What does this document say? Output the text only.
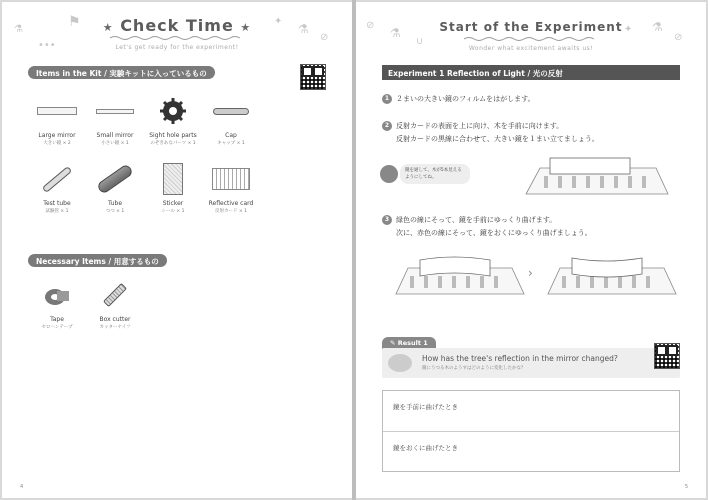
⚗	⚑
•••
✦
⚗
⊘
★ Check Time ★
Let's get ready for the experiment!
Items in the Kit / 実験キットに入っているもの
Large mirror
大きい鏡 × 2
Small mirror
小さい鏡 × 1
Sight hole parts
のぞきあなパーツ × 1
Cap
キャップ × 1
Test tube
試験管 × 1
Tube
つつ × 1
Sticker
シール × 1
Reflective card
反射カード × 1
Necessary Items / 用意するもの
Tape
セロハンテープ
Box cutter
カッターナイフ
4
⊘
⚗
∪
✦ ⚗
⊘
Start of the Experiment
Wonder what excitement awaits us!
Experiment 1 Reflection of Light / 光の反射
1 ２まいの大きい鏡のフィルムをはがします。
2 反射カードの表面を上に向け、木を手前に向けます。
反射カードの黒線に合わせて、大きい鏡を１まい立てましょう。
鏡を通して、木が5本見えるようにしてね。
3 緑色の線にそって、鏡を手前にゆっくり曲げます。
次に、赤色の線にそって、鏡をおくにゆっくり曲げましょう。
›
✎ Result 1
How has the tree's reflection in the mirror changed?
鏡にうつる木のようすはどのように変化したかな？
鏡を手前に曲げたとき
鏡をおくに曲げたとき
5
